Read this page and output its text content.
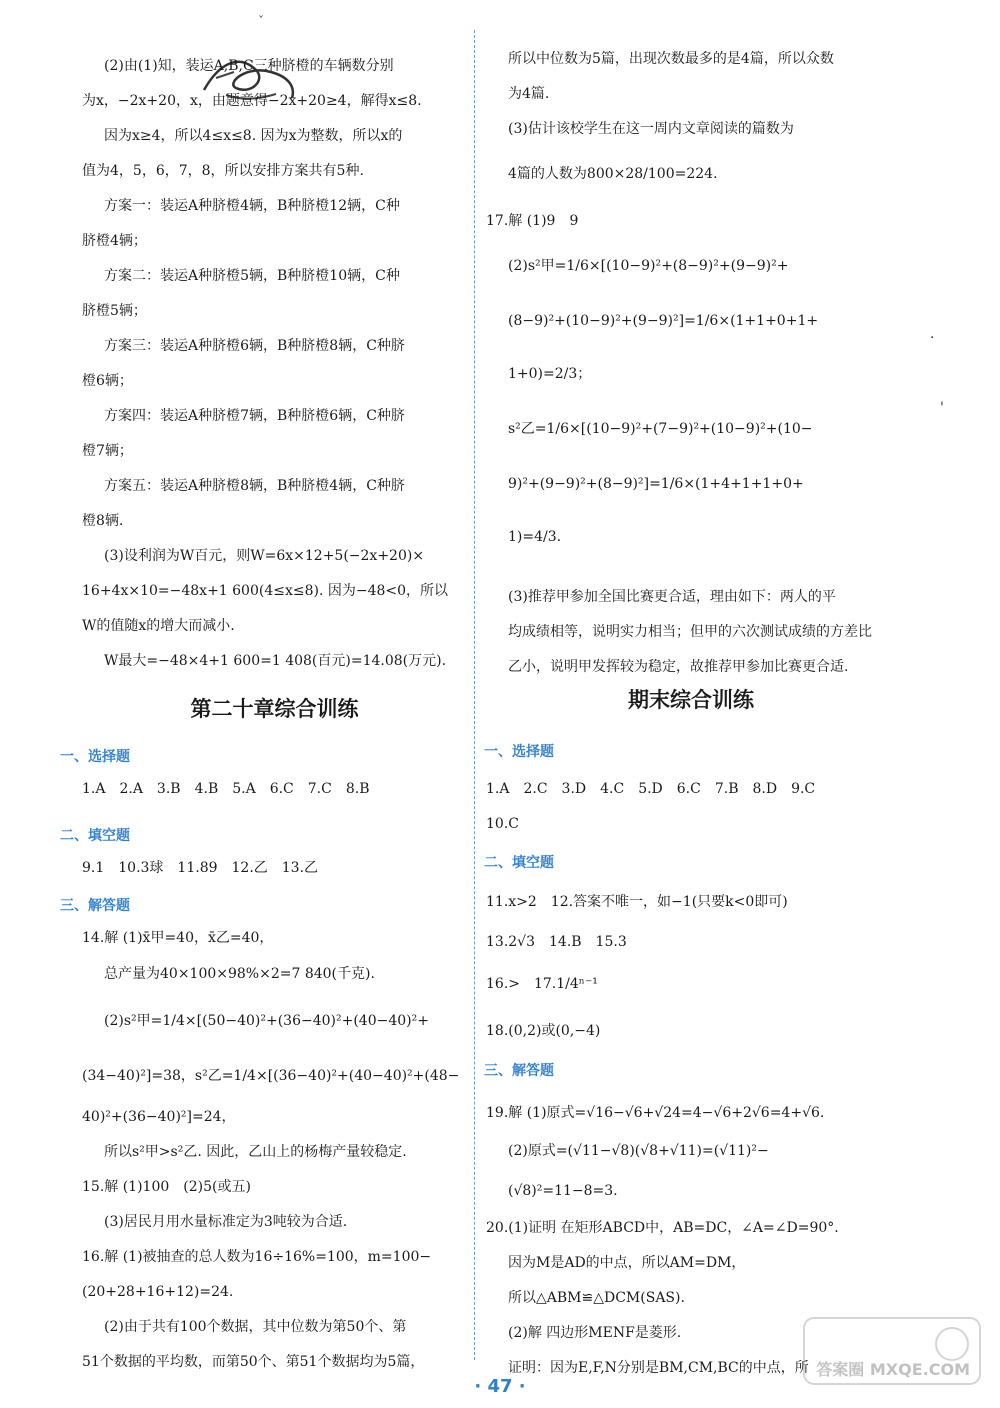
ˇ
第二十章综合训练
(2)由(1)知，装运A,B,C三种脐橙的车辆数分别
为x，−2x+20，x，由题意得−2x+20≥4，解得x≤8.
因为x≥4，所以4≤x≤8. 因为x为整数，所以x的
值为4，5，6，7，8，所以安排方案共有5种.
方案一：装运A种脐橙4辆，B种脐橙12辆，C种
脐橙4辆；
方案二：装运A种脐橙5辆，B种脐橙10辆，C种
脐橙5辆；
方案三：装运A种脐橙6辆，B种脐橙8辆，C种脐
橙6辆；
方案四：装运A种脐橙7辆，B种脐橙6辆，C种脐
橙7辆；
方案五：装运A种脐橙8辆，B种脐橙4辆，C种脐
橙8辆.
(3)设利润为W百元，则W=6x×12+5(−2x+20)×
16+4x×10=−48x+1 600(4≤x≤8). 因为−48<0，所以
W的值随x的增大而减小.
W最大=−48×4+1 600=1 408(百元)=14.08(万元).
1.A　2.A　3.B　4.B　5.A　6.C　7.C　8.B
9.1　10.3球　11.89　12.乙　13.乙
14.解 (1)x̄甲=40，x̄乙=40，
总产量为40×100×98%×2=7 840(千克).
(2)s²甲=1/4×[(50−40)²+(36−40)²+(40−40)²+
(34−40)²]=38，s²乙=1/4×[(36−40)²+(40−40)²+(48−
40)²+(36−40)²]=24，
所以s²甲>s²乙. 因此，乙山上的杨梅产量较稳定.
15.解 (1)100　(2)5(或五)
(3)居民月用水量标准定为3吨较为合适.
16.解 (1)被抽查的总人数为16÷16%=100，m=100−
(20+28+16+12)=24.
(2)由于共有100个数据，其中位数为第50个、第
51个数据的平均数，而第50个、第51个数据均为5篇，
一、选择题
二、填空题
三、解答题
期末综合训练
所以中位数为5篇，出现次数最多的是4篇，所以众数
为4篇.
(3)估计该校学生在这一周内文章阅读的篇数为
4篇的人数为800×28/100=224.
17.解 (1)9　9
(2)s²甲=1/6×[(10−9)²+(8−9)²+(9−9)²+
(8−9)²+(10−9)²+(9−9)²]=1/6×(1+1+0+1+
1+0)=2/3；
s²乙=1/6×[(10−9)²+(7−9)²+(10−9)²+(10−
9)²+(9−9)²+(8−9)²]=1/6×(1+4+1+1+0+
1)=4/3.
(3)推荐甲参加全国比赛更合适，理由如下：两人的平
均成绩相等，说明实力相当；但甲的六次测试成绩的方差比
乙小，说明甲发挥较为稳定，故推荐甲参加比赛更合适.
1.A　2.C　3.D　4.C　5.D　6.C　7.B　8.D　9.C
10.C
11.x>2　12.答案不唯一，如−1(只要k<0即可)
13.2√3　14.B　15.3
16.>　17.1/4ⁿ⁻¹
18.(0,2)或(0,−4)
19.解 (1)原式=√16−√6+√24=4−√6+2√6=4+√6.
(2)原式=(√11−√8)(√8+√11)=(√11)²−
(√8)²=11−8=3.
20.(1)证明 在矩形ABCD中，AB=DC，∠A=∠D=90°.
因为M是AD的中点，所以AM=DM，
所以△ABM≌△DCM(SAS).
(2)解 四边形MENF是菱形.
证明：因为E,F,N分别是BM,CM,BC的中点，所
一、选择题
二、填空题
三、解答题
· 47 ·
·
'
答案圈 MXQE.COM
